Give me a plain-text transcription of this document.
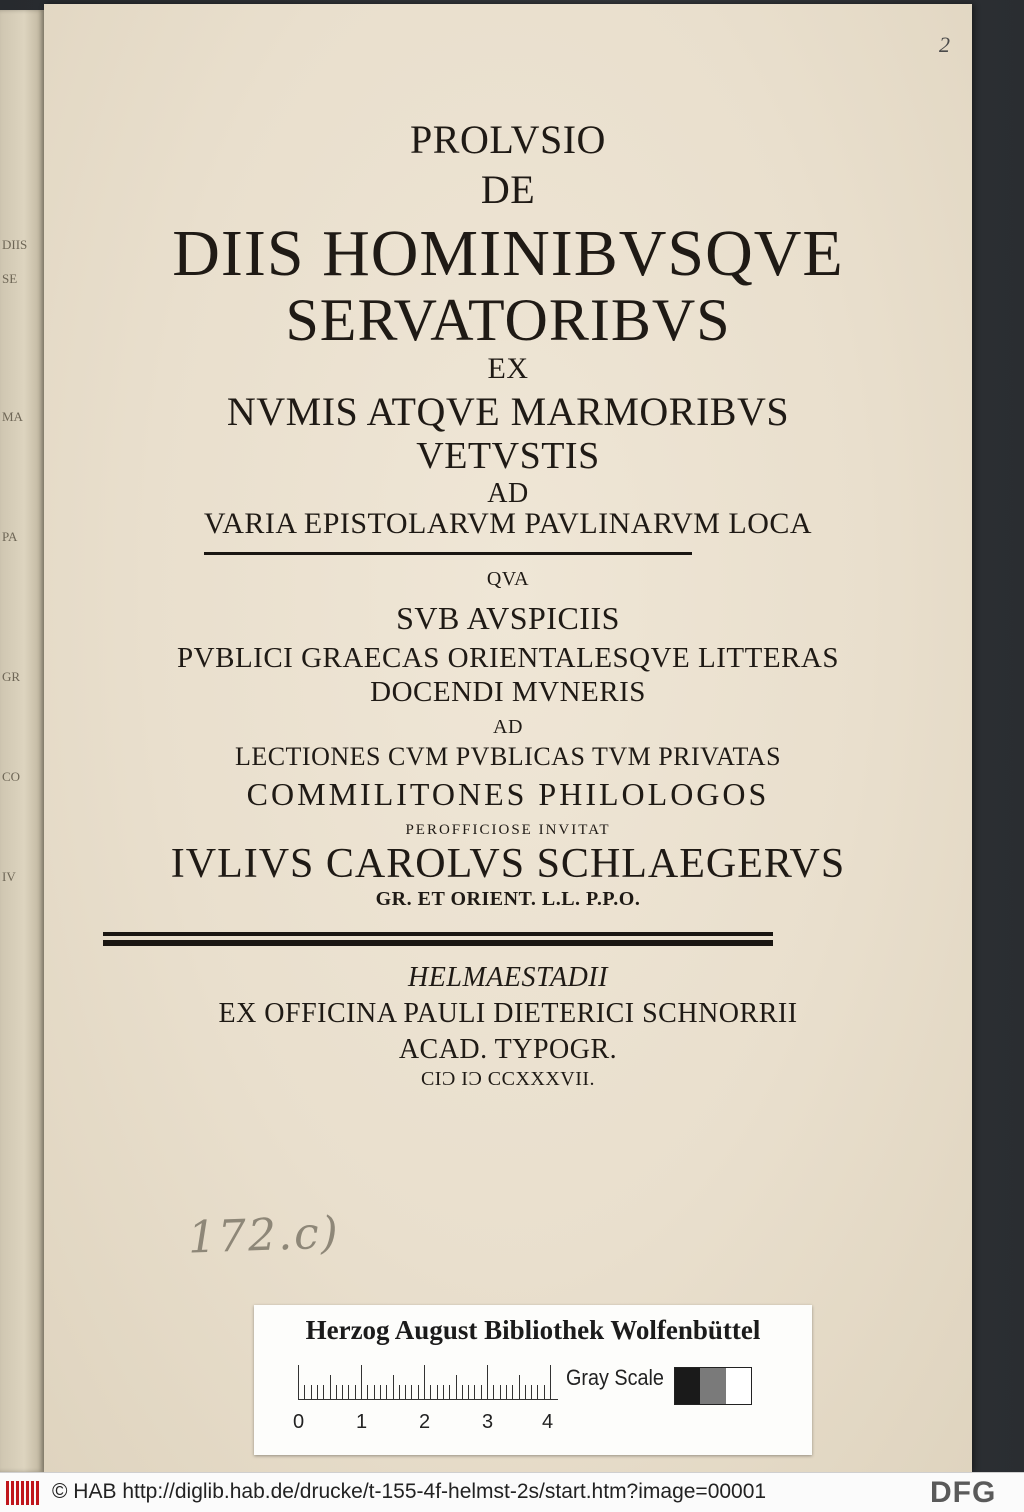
DIIS
SE
MA
PA
GR
CO
IV
2
PROLVSIO
DE
DIIS HOMINIBVSQVE
SERVATORIBVS
EX
NVMIS ATQVE MARMORIBVS
VETVSTIS
AD
VARIA EPISTOLARVM PAVLINARVM LOCA
QVA
SVB AVSPICIIS
PVBLICI GRAECAS ORIENTALESQVE LITTERAS
DOCENDI MVNERIS
AD
LECTIONES CVM PVBLICAS TVM PRIVATAS
COMMILITONES PHILOLOGOS
PEROFFICIOSE INVITAT
IVLIVS CAROLVS SCHLAEGERVS
GR. ET ORIENT. L.L. P.P.O.
HELMAESTADII
EX OFFICINA PAULI DIETERICI SCHNORRII
ACAD. TYPOGR.
CIϽ IϽ CCXXXVII.
172.c)
Herzog August Bibliothek Wolfenbüttel
0	1	2	3 4
Gray Scale
© HAB http://diglib.hab.de/drucke/t-155-4f-helmst-2s/start.htm?image=00001	DFG
